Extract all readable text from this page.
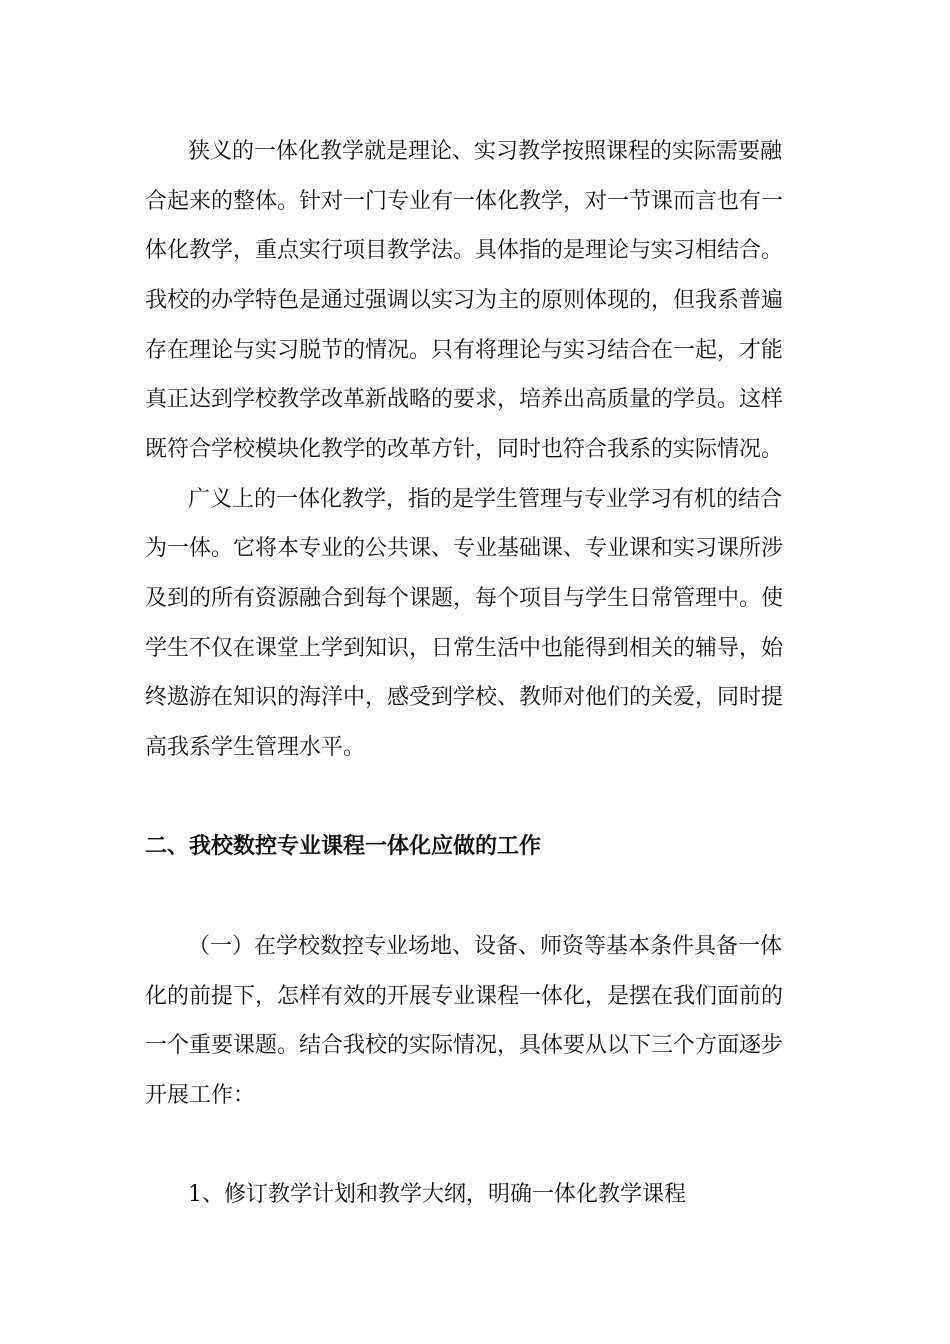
狭义的一体化教学就是理论、实习教学按照课程的实际需要融
合起来的整体。针对一门专业有一体化教学，对一节课而言也有一
体化教学，重点实行项目教学法。具体指的是理论与实习相结合。
我校的办学特色是通过强调以实习为主的原则体现的，但我系普遍
存在理论与实习脱节的情况。只有将理论与实习结合在一起，才能
真正达到学校教学改革新战略的要求，培养出高质量的学员。这样
既符合学校模块化教学的改革方针，同时也符合我系的实际情况。
广义上的一体化教学，指的是学生管理与专业学习有机的结合
为一体。它将本专业的公共课、专业基础课、专业课和实习课所涉
及到的所有资源融合到每个课题，每个项目与学生日常管理中。使
学生不仅在课堂上学到知识，日常生活中也能得到相关的辅导，始
终遨游在知识的海洋中，感受到学校、教师对他们的关爱，同时提
高我系学生管理水平。
二、我校数控专业课程一体化应做的工作
（一）在学校数控专业场地、设备、师资等基本条件具备一体
化的前提下，怎样有效的开展专业课程一体化，是摆在我们面前的
一个重要课题。结合我校的实际情况，具体要从以下三个方面逐步
开展工作：
1、修订教学计划和教学大纲，明确一体化教学课程
